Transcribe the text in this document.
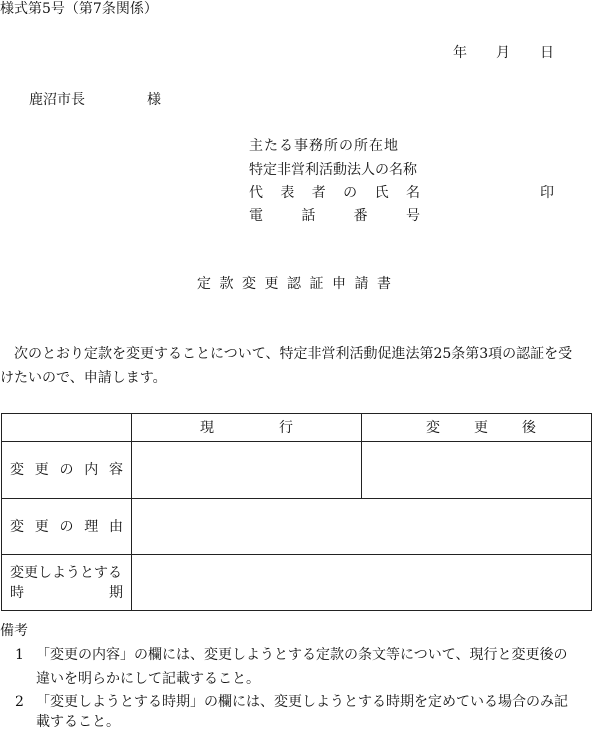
様式第5号（第7条関係）
年 月 日
鹿沼市長	様
主たる事務所の所在地
特定非営利活動法人の名称
代 表 者 の 氏 名	印
電	話	番	号
定款変更認証申請書
次のとおり定款を変更することについて、特定非営利活動促進法第25条第3項の認証を受
けたいので、申請します。

	現 行	変 更 後

変 更 の 内 容		

変 更 の 理 由		

変更しようとする
時 期		

備考
1 「変更の内容」の欄には、変更しようとする定款の条文等について、現行と変更後の
違いを明らかにして記載すること。
2 「変更しようとする時期」の欄には、変更しようとする時期を定めている場合のみ記
載すること。
